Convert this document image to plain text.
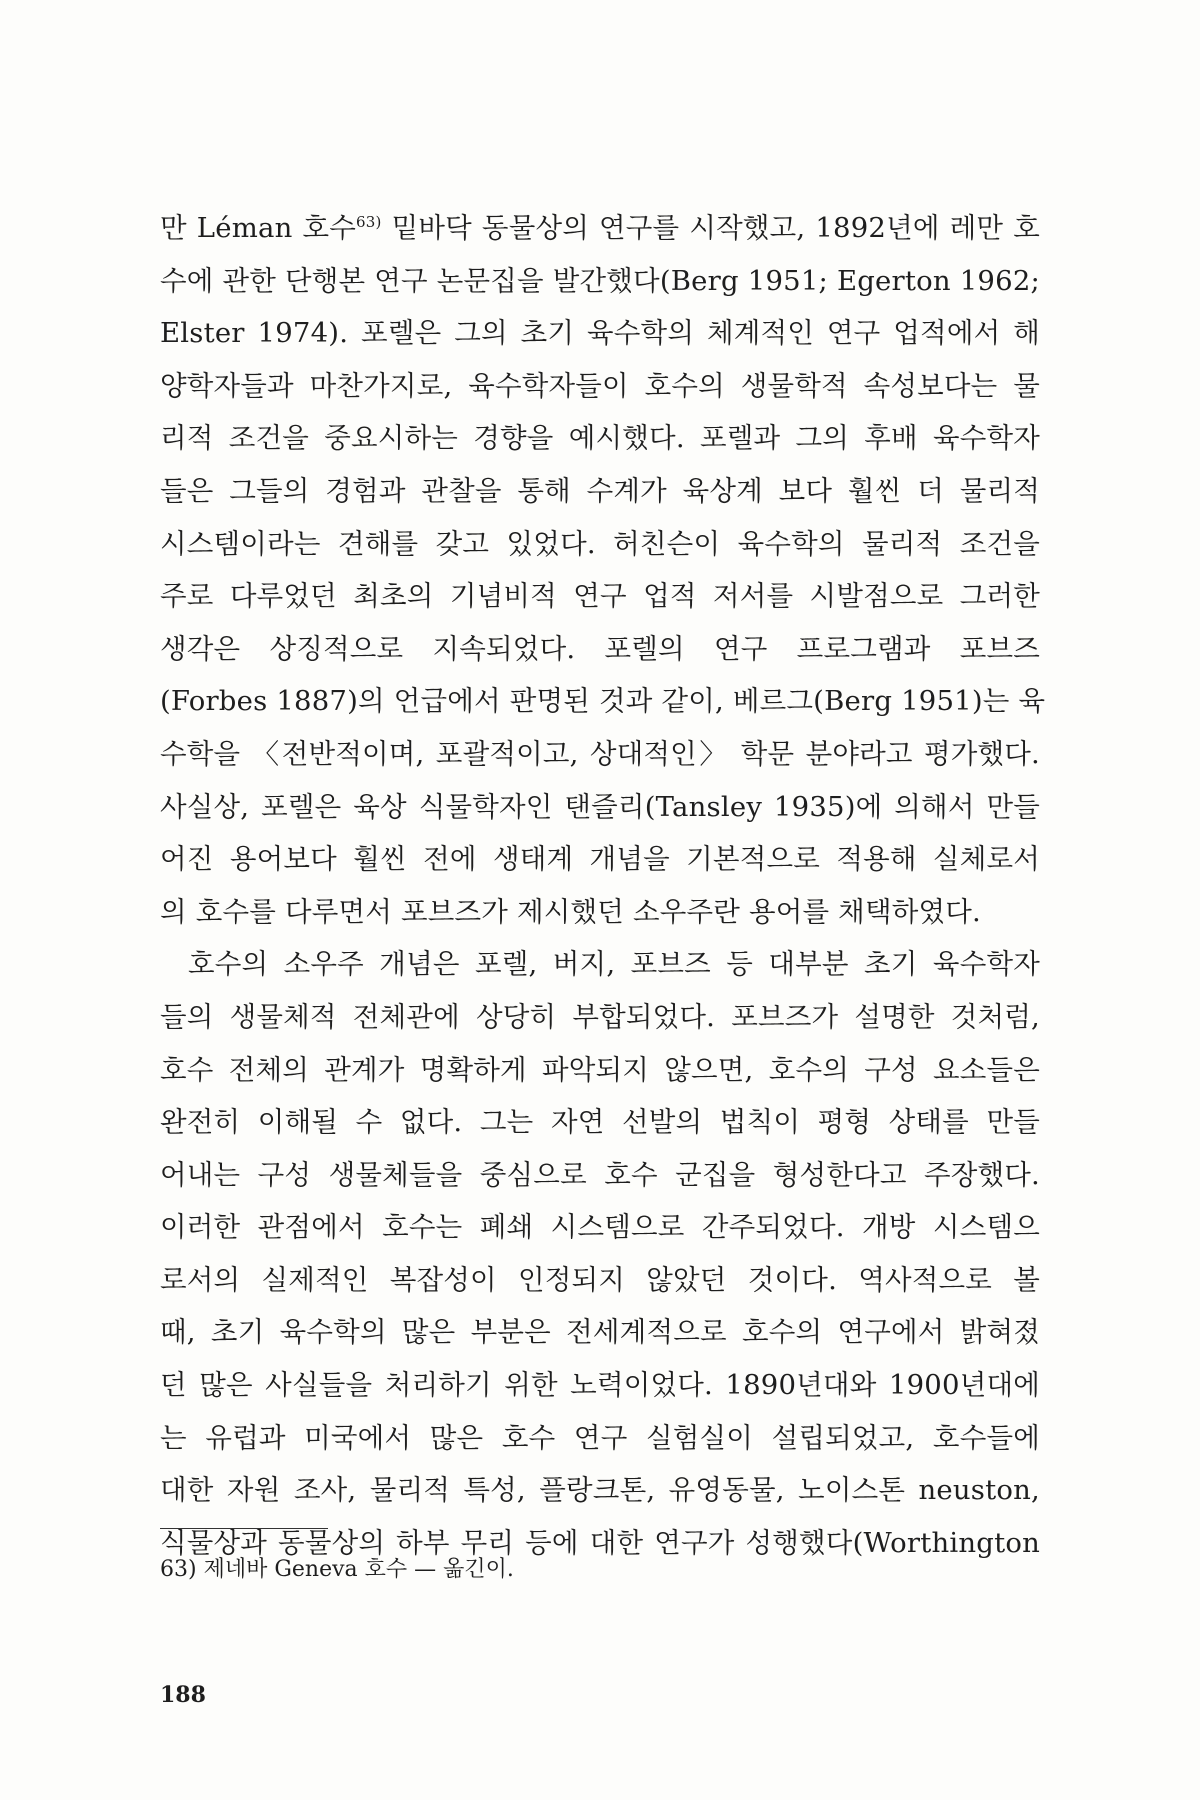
만 Léman 호수$^{63)}$ 밑바닥 동물상의 연구를 시작했고, 1892년에 레만 호
수에 관한 단행본 연구 논문집을 발간했다(Berg 1951; Egerton 1962;
Elster 1974). 포렐은 그의 초기 육수학의 체계적인 연구 업적에서 해
양학자들과 마찬가지로, 육수학자들이 호수의 생물학적 속성보다는 물
리적 조건을 중요시하는 경향을 예시했다. 포렐과 그의 후배 육수학자
들은 그들의 경험과 관찰을 통해 수계가 육상계 보다 훨씬 더 물리적
시스템이라는 견해를 갖고 있었다. 허친슨이 육수학의 물리적 조건을
주로 다루었던 최초의 기념비적 연구 업적 저서를 시발점으로 그러한
생각은 상징적으로 지속되었다. 포렐의 연구 프로그램과 포브즈
(Forbes 1887)의 언급에서 판명된 것과 같이, 베르그(Berg 1951)는 육
수학을 〈전반적이며, 포괄적이고, 상대적인〉 학문 분야라고 평가했다.
사실상, 포렐은 육상 식물학자인 탠즐리(Tansley 1935)에 의해서 만들
어진 용어보다 훨씬 전에 생태계 개념을 기본적으로 적용해 실체로서
의 호수를 다루면서 포브즈가 제시했던 소우주란 용어를 채택하였다.
호수의 소우주 개념은 포렐, 버지, 포브즈 등 대부분 초기 육수학자
들의 생물체적 전체관에 상당히 부합되었다. 포브즈가 설명한 것처럼,
호수 전체의 관계가 명확하게 파악되지 않으면, 호수의 구성 요소들은
완전히 이해될 수 없다. 그는 자연 선발의 법칙이 평형 상태를 만들
어내는 구성 생물체들을 중심으로 호수 군집을 형성한다고 주장했다.
이러한 관점에서 호수는 폐쇄 시스템으로 간주되었다. 개방 시스템으
로서의 실제적인 복잡성이 인정되지 않았던 것이다. 역사적으로 볼
때, 초기 육수학의 많은 부분은 전세계적으로 호수의 연구에서 밝혀졌
던 많은 사실들을 처리하기 위한 노력이었다. 1890년대와 1900년대에
는 유럽과 미국에서 많은 호수 연구 실험실이 설립되었고, 호수들에
대한 자원 조사, 물리적 특성, 플랑크톤, 유영동물, 노이스톤 neuston,
식물상과 동물상의 하부 무리 등에 대한 연구가 성행했다(Worthington
63) 제네바 Geneva 호수 — 옮긴이.
188
